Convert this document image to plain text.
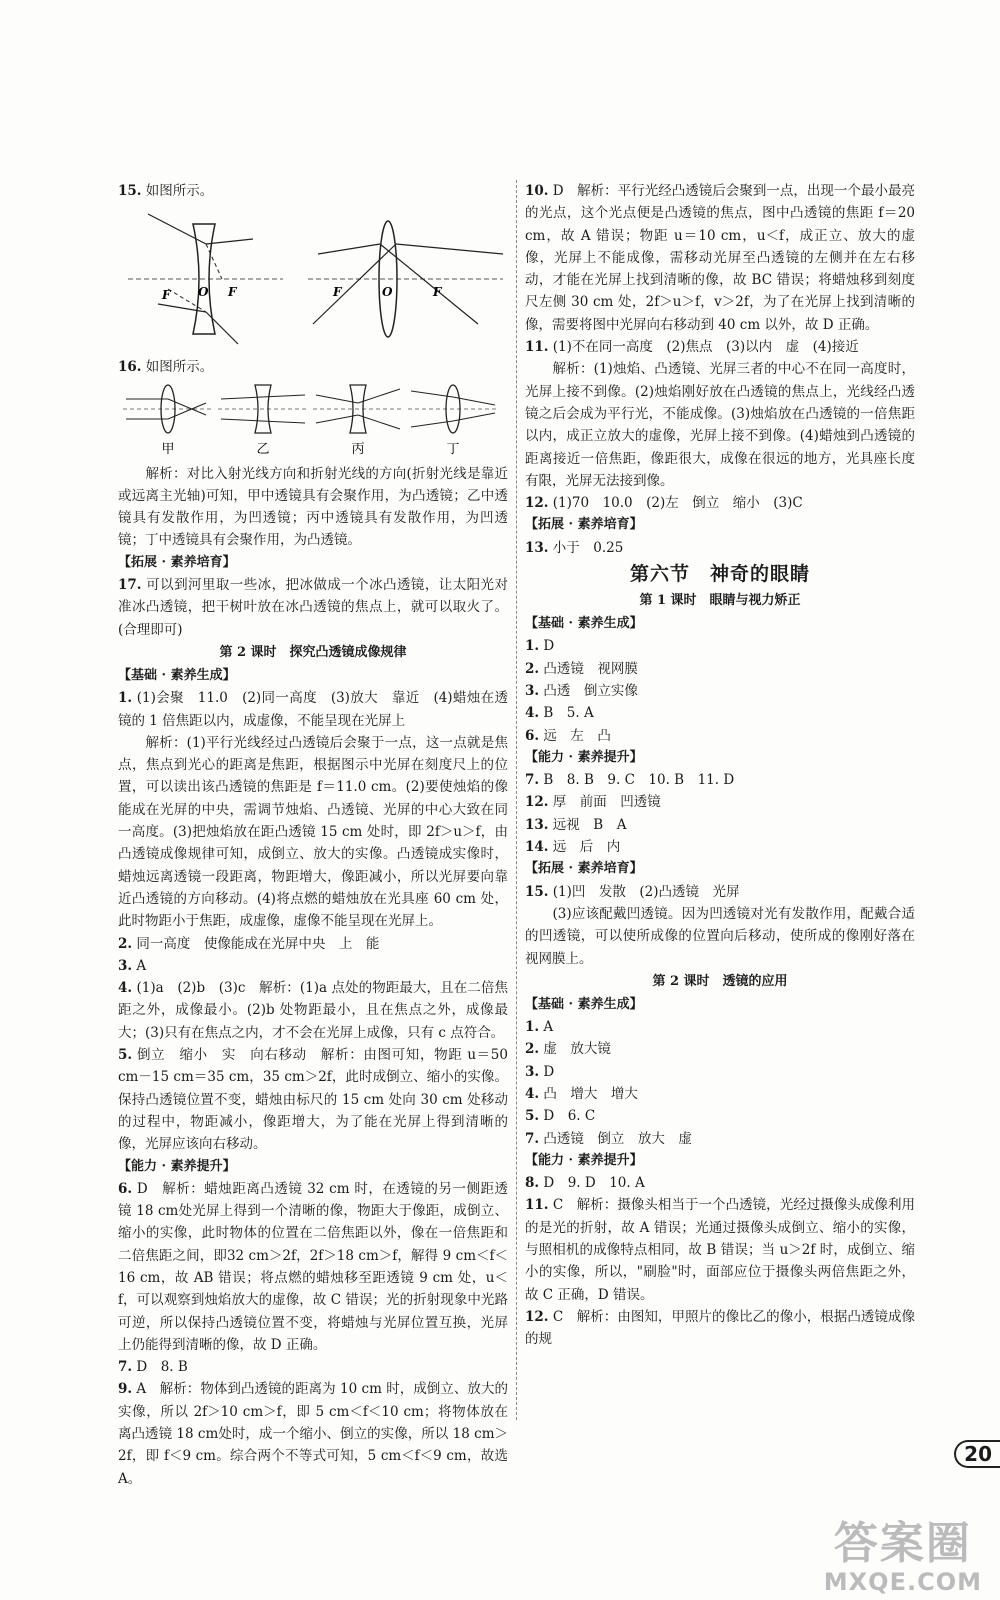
15. 如图所示。

F O F	F	O	F

16. 如图所示。

甲	乙	丙	丁

　　解析：对比入射光线方向和折射光线的方向(折射光线是靠近或远离主光轴)可知，甲中透镜具有会聚作用，为凸透镜；乙中透镜具有发散作用，为凹透镜；丙中透镜具有发散作用，为凹透镜；丁中透镜具有会聚作用，为凸透镜。

【拓展 · 素养培育】

17. 可以到河里取一些冰，把冰做成一个冰凸透镜，让太阳光对准冰凸透镜，把干树叶放在冰凸透镜的焦点上，就可以取火了。(合理即可)

第 2 课时　探究凸透镜成像规律

【基础 · 素养生成】

1. (1)会聚　11.0　(2)同一高度　(3)放大　靠近　(4)蜡烛在透镜的 1 倍焦距以内，成虚像，不能呈现在光屏上

　　解析：(1)平行光线经过凸透镜后会聚于一点，这一点就是焦点，焦点到光心的距离是焦距，根据图示中光屏在刻度尺上的位置，可以读出该凸透镜的焦距是 f＝11.0 cm。(2)要使烛焰的像能成在光屏的中央，需调节烛焰、凸透镜、光屏的中心大致在同一高度。(3)把烛焰放在距凸透镜 15 cm 处时，即 2f＞u＞f，由凸透镜成像规律可知，成倒立、放大的实像。凸透镜成实像时，蜡烛远离透镜一段距离，物距增大，像距减小，所以光屏要向靠近凸透镜的方向移动。(4)将点燃的蜡烛放在光具座 60 cm 处，此时物距小于焦距，成虚像，虚像不能呈现在光屏上。

2. 同一高度　使像能成在光屏中央　上　能

3. A

4. (1)a　(2)b　(3)c　解析：(1)a 点处的物距最大，且在二倍焦距之外，成像最小。(2)b 处物距最小，且在焦点之外，成像最大；(3)只有在焦点之内，才不会在光屏上成像，只有 c 点符合。

5. 倒立　缩小　实　向右移动　解析：由图可知，物距 u＝50 cm－15 cm＝35 cm，35 cm＞2f，此时成倒立、缩小的实像。保持凸透镜位置不变，蜡烛由标尺的 15 cm 处向 30 cm 处移动的过程中，物距减小，像距增大，为了能在光屏上得到清晰的像，光屏应该向右移动。

【能力 · 素养提升】

6. D　解析：蜡烛距离凸透镜 32 cm 时，在透镜的另一侧距透镜 18 cm处光屏上得到一个清晰的像，物距大于像距，成倒立、缩小的实像，此时物体的位置在二倍焦距以外，像在一倍焦距和二倍焦距之间，即32 cm＞2f，2f＞18 cm＞f，解得 9 cm＜f＜16 cm，故 AB 错误；将点燃的蜡烛移至距透镜 9 cm 处，u＜f，可以观察到烛焰放大的虚像，故 C 错误；光的折射现象中光路可逆，所以保持凸透镜位置不变，将蜡烛与光屏位置互换，光屏上仍能得到清晰的像，故 D 正确。

7. D　8. B

9. A　解析：物体到凸透镜的距离为 10 cm 时，成倒立、放大的实像，所以 2f＞10 cm＞f，即 5 cm＜f＜10 cm；将物体放在离凸透镜 18 cm处时，成一个缩小、倒立的实像，所以 18 cm＞2f，即 f＜9 cm。综合两个不等式可知，5 cm＜f＜9 cm，故选 A。

10. D　解析：平行光经凸透镜后会聚到一点，出现一个最小最亮的光点，这个光点便是凸透镜的焦点，图中凸透镜的焦距 f＝20 cm，故 A 错误；物距 u＝10 cm，u＜f，成正立、放大的虚像，光屏上不能成像，需移动光屏至凸透镜的左侧并在左右移动，才能在光屏上找到清晰的像，故 BC 错误；将蜡烛移到刻度尺左侧 30 cm 处，2f＞u＞f，v＞2f，为了在光屏上找到清晰的像，需要将图中光屏向右移动到 40 cm 以外，故 D 正确。

11. (1)不在同一高度　(2)焦点　(3)以内　虚　(4)接近

　　解析：(1)烛焰、凸透镜、光屏三者的中心不在同一高度时，光屏上接不到像。(2)烛焰刚好放在凸透镜的焦点上，光线经凸透镜之后会成为平行光，不能成像。(3)烛焰放在凸透镜的一倍焦距以内，成正立放大的虚像，光屏上接不到像。(4)蜡烛到凸透镜的距离接近一倍焦距，像距很大，成像在很远的地方，光具座长度有限，光屏无法接到像。

12. (1)70　10.0　(2)左　倒立　缩小　(3)C

【拓展 · 素养培育】

13. 小于　0.25

第六节　神奇的眼睛

第 1 课时　眼睛与视力矫正

【基础 · 素养生成】

1. D

2. 凸透镜　视网膜

3. 凸透　倒立实像

4. B　5. A

6. 远　左　凸

【能力 · 素养提升】

7. B　8. B　9. C　10. B　11. D

12. 厚　前面　凹透镜

13. 远视　B　A

14. 远　后　内

【拓展 · 素养培育】

15. (1)凹　发散　(2)凸透镜　光屏

　　(3)应该配戴凹透镜。因为凹透镜对光有发散作用，配戴合适的凹透镜，可以使所成像的位置向后移动，使所成的像刚好落在视网膜上。

第 2 课时　透镜的应用

【基础 · 素养生成】

1. A

2. 虚　放大镜

3. D

4. 凸　增大　增大

5. D　6. C

7. 凸透镜　倒立　放大　虚

【能力 · 素养提升】

8. D　9. D　10. A

11. C　解析：摄像头相当于一个凸透镜，光经过摄像头成像利用的是光的折射，故 A 错误；光通过摄像头成倒立、缩小的实像，与照相机的成像特点相同，故 B 错误；当 u＞2f 时，成倒立、缩小的实像，所以，"刷脸"时，面部应位于摄像头两倍焦距之外，故 C 正确，D 错误。

12. C　解析：由图知，甲照片的像比乙的像小，根据凸透镜成像的规

20
答案圈
MXQE.COM
